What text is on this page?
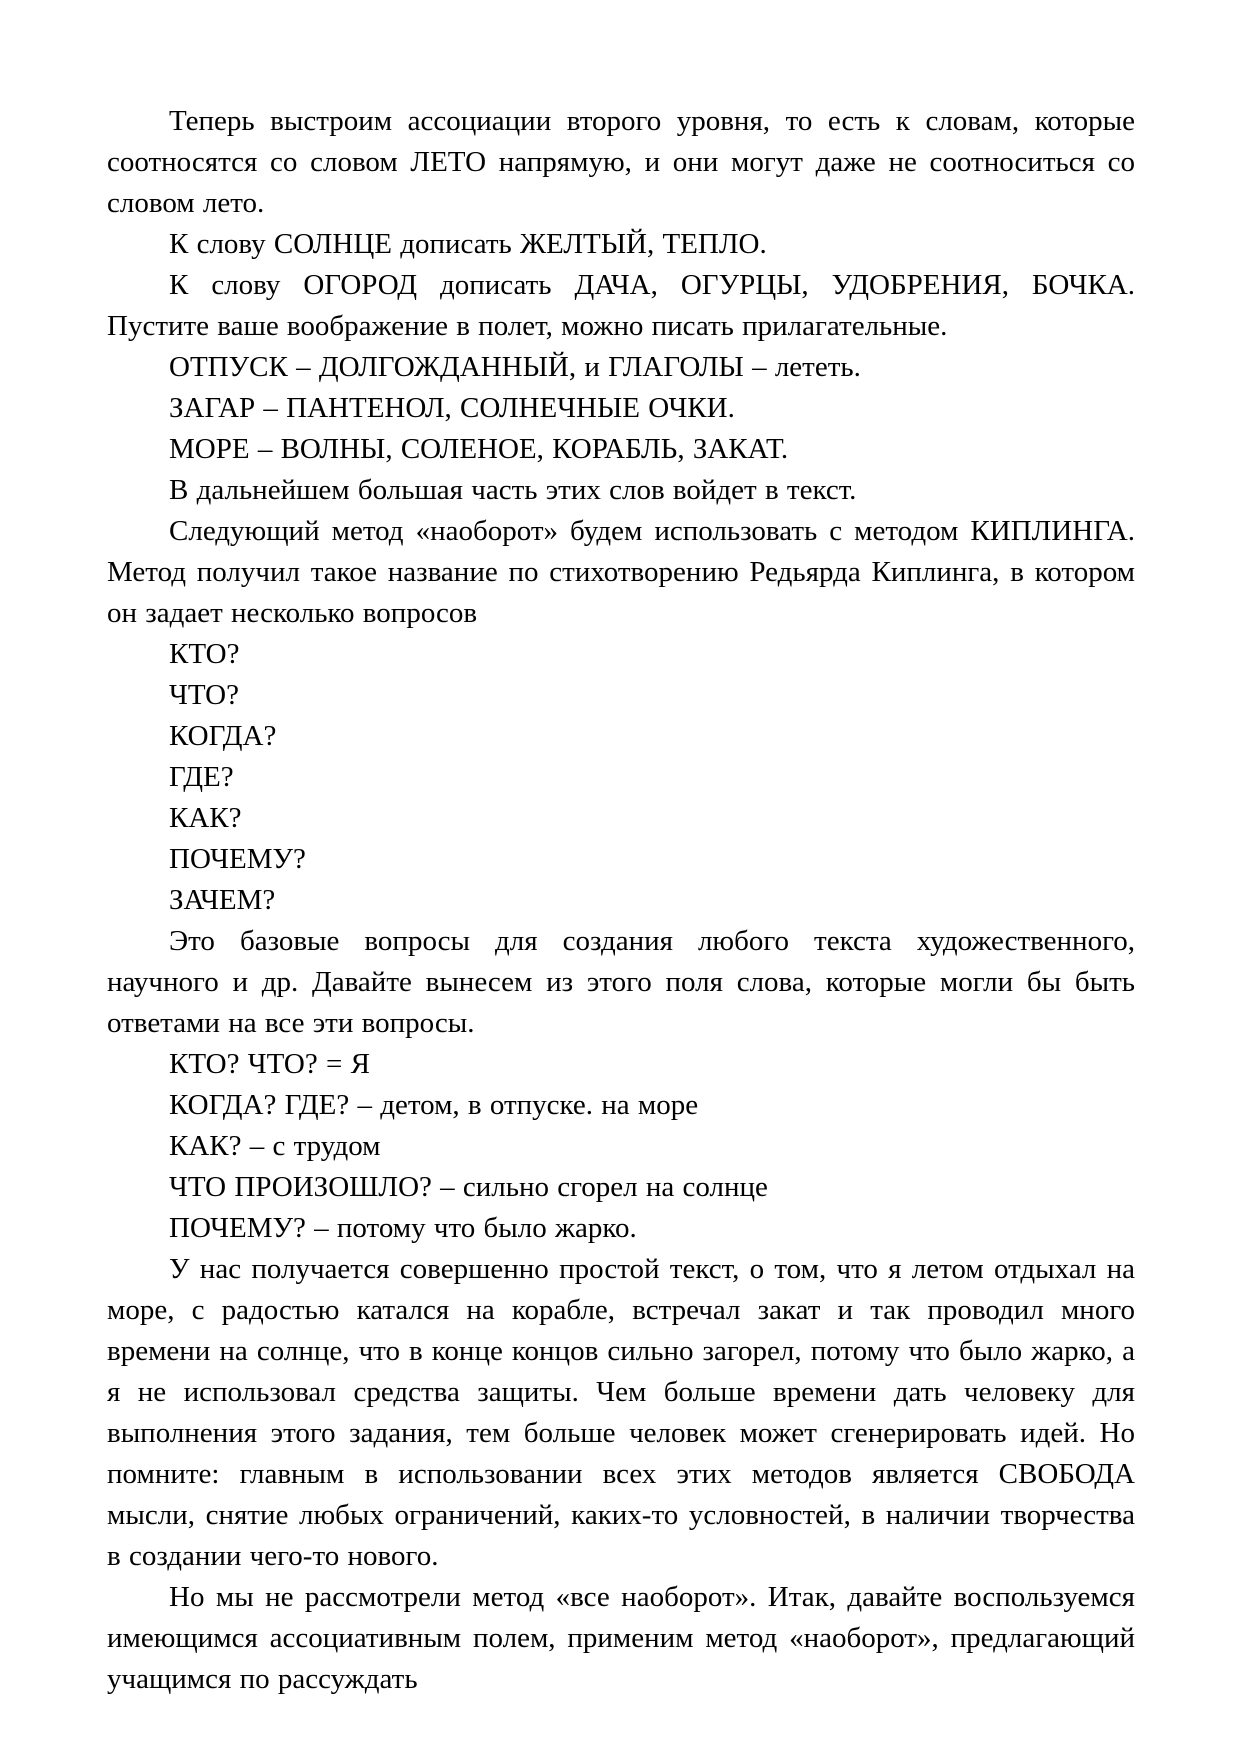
Теперь выстроим ассоциации второго уровня, то есть к словам, которые соотносятся со словом ЛЕТО напрямую, и они могут даже не соотноситься со словом лето.

К слову СОЛНЦЕ дописать ЖЕЛТЫЙ, ТЕПЛО.

К слову ОГОРОД дописать ДАЧА, ОГУРЦЫ, УДОБРЕНИЯ, БОЧКА. Пустите ваше воображение в полет, можно писать прилагательные.

ОТПУСК – ДОЛГОЖДАННЫЙ, и ГЛАГОЛЫ – лететь.

ЗАГАР – ПАНТЕНОЛ, СОЛНЕЧНЫЕ ОЧКИ.

МОРЕ – ВОЛНЫ, СОЛЕНОЕ, КОРАБЛЬ, ЗАКАТ.

В дальнейшем большая часть этих слов войдет в текст.

Следующий метод «наоборот» будем использовать с методом КИПЛИНГА. Метод получил такое название по стихотворению Редьярда Киплинга, в котором он задает несколько вопросов

КТО?

ЧТО?

КОГДА?

ГДЕ?

КАК?

ПОЧЕМУ?

ЗАЧЕМ?

Это базовые вопросы для создания любого текста художественного, научного и др. Давайте вынесем из этого поля слова, которые могли бы быть ответами на все эти вопросы.

КТО? ЧТО? = Я

КОГДА? ГДЕ? – детом, в отпуске. на море

КАК? – с трудом

ЧТО ПРОИЗОШЛО? – сильно сгорел на солнце

ПОЧЕМУ? – потому что было жарко.

У нас получается совершенно простой текст, о том, что я летом отдыхал на море, с радостью катался на корабле, встречал закат и так проводил много времени на солнце, что в конце концов сильно загорел, потому что было жарко, а я не использовал средства защиты. Чем больше времени дать человеку для выполнения этого задания, тем больше человек может сгенерировать идей. Но помните: главным в использовании всех этих методов является СВОБОДА мысли, снятие любых ограничений, каких-то условностей, в наличии творчества в создании чего-то нового.

Но мы не рассмотрели метод «все наоборот». Итак, давайте воспользуемся имеющимся ассоциативным полем, применим метод «наоборот», предлагающий учащимся по рассуждать
